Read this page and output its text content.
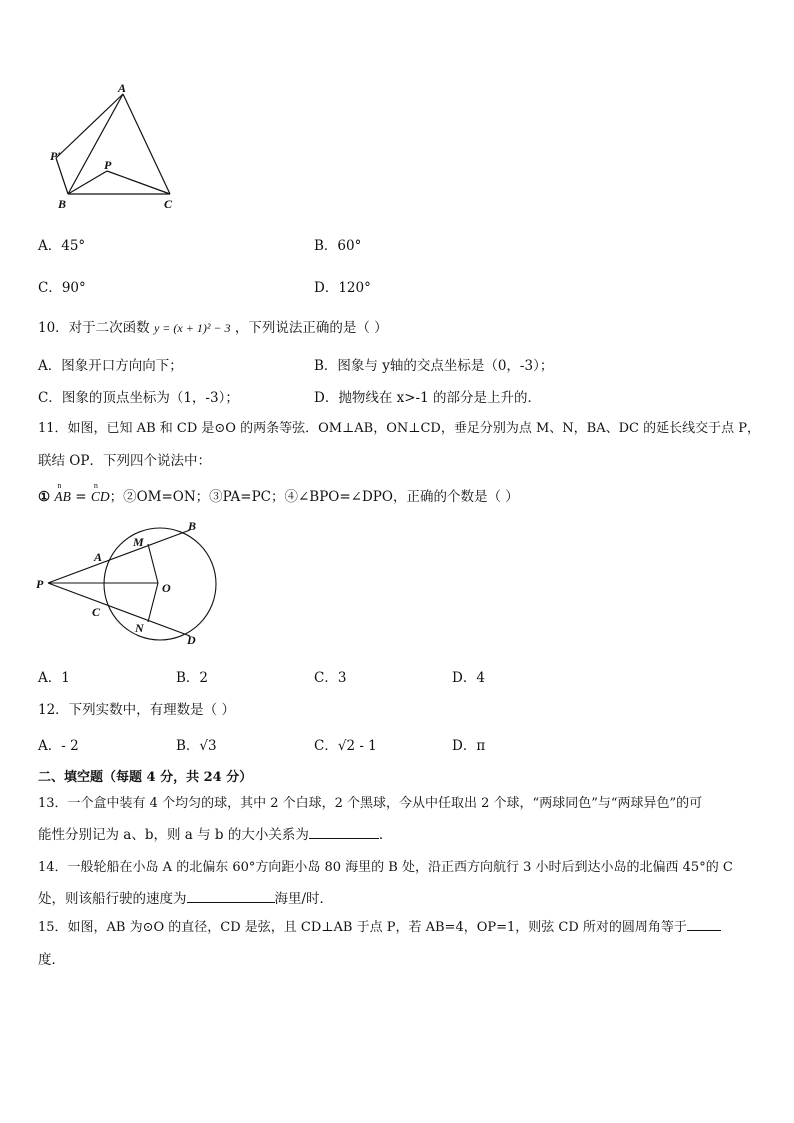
A
P′
P
B	C
A．45°	B．60°
C．90°	D．120°
10．对于二次函数 y = (x + 1)² − 3 ，下列说法正确的是（ ）
A．图象开口方向向下；	B．图象与 y轴的交点坐标是（0，-3）；
C．图象的顶点坐标为（1，-3）；	D．抛物线在 x>-1 的部分是上升的．
11．如图，已知 AB 和 CD 是⊙O 的两条等弦．OM⊥AB，ON⊥CD，垂足分别为点 M、N，BA、DC 的延长线交于点 P，
联结 OP．下列四个说法中：
①
n
AB =
n
CD；②OM=ON；③PA=PC；④∠BPO=∠DPO，正确的个数是（ ）
B
M
A
P	O
C
N
D
A．1	B．2	C．3	D．4
12．下列实数中，有理数是（ ）
A．- 2	B．√3	C．√2 - 1	D．π
二、填空题（每题 4 分，共 24 分）
13．一个盒中装有 4 个均匀的球，其中 2 个白球，2 个黑球，今从中任取出 2 个球，“两球同色”与“两球异色”的可
能性分别记为 a、b，则 a 与 b 的大小关系为	．
14．一般轮船在小岛 A 的北偏东 60°方向距小岛 80 海里的 B 处，沿正西方向航行 3 小时后到达小岛的北偏西 45°的 C
处，则该船行驶的速度为	海里/时．
15．如图，AB 为⊙O 的直径，CD 是弦，且 CD⊥AB 于点 P，若 AB=4，OP=1，则弦 CD 所对的圆周角等于
度．
